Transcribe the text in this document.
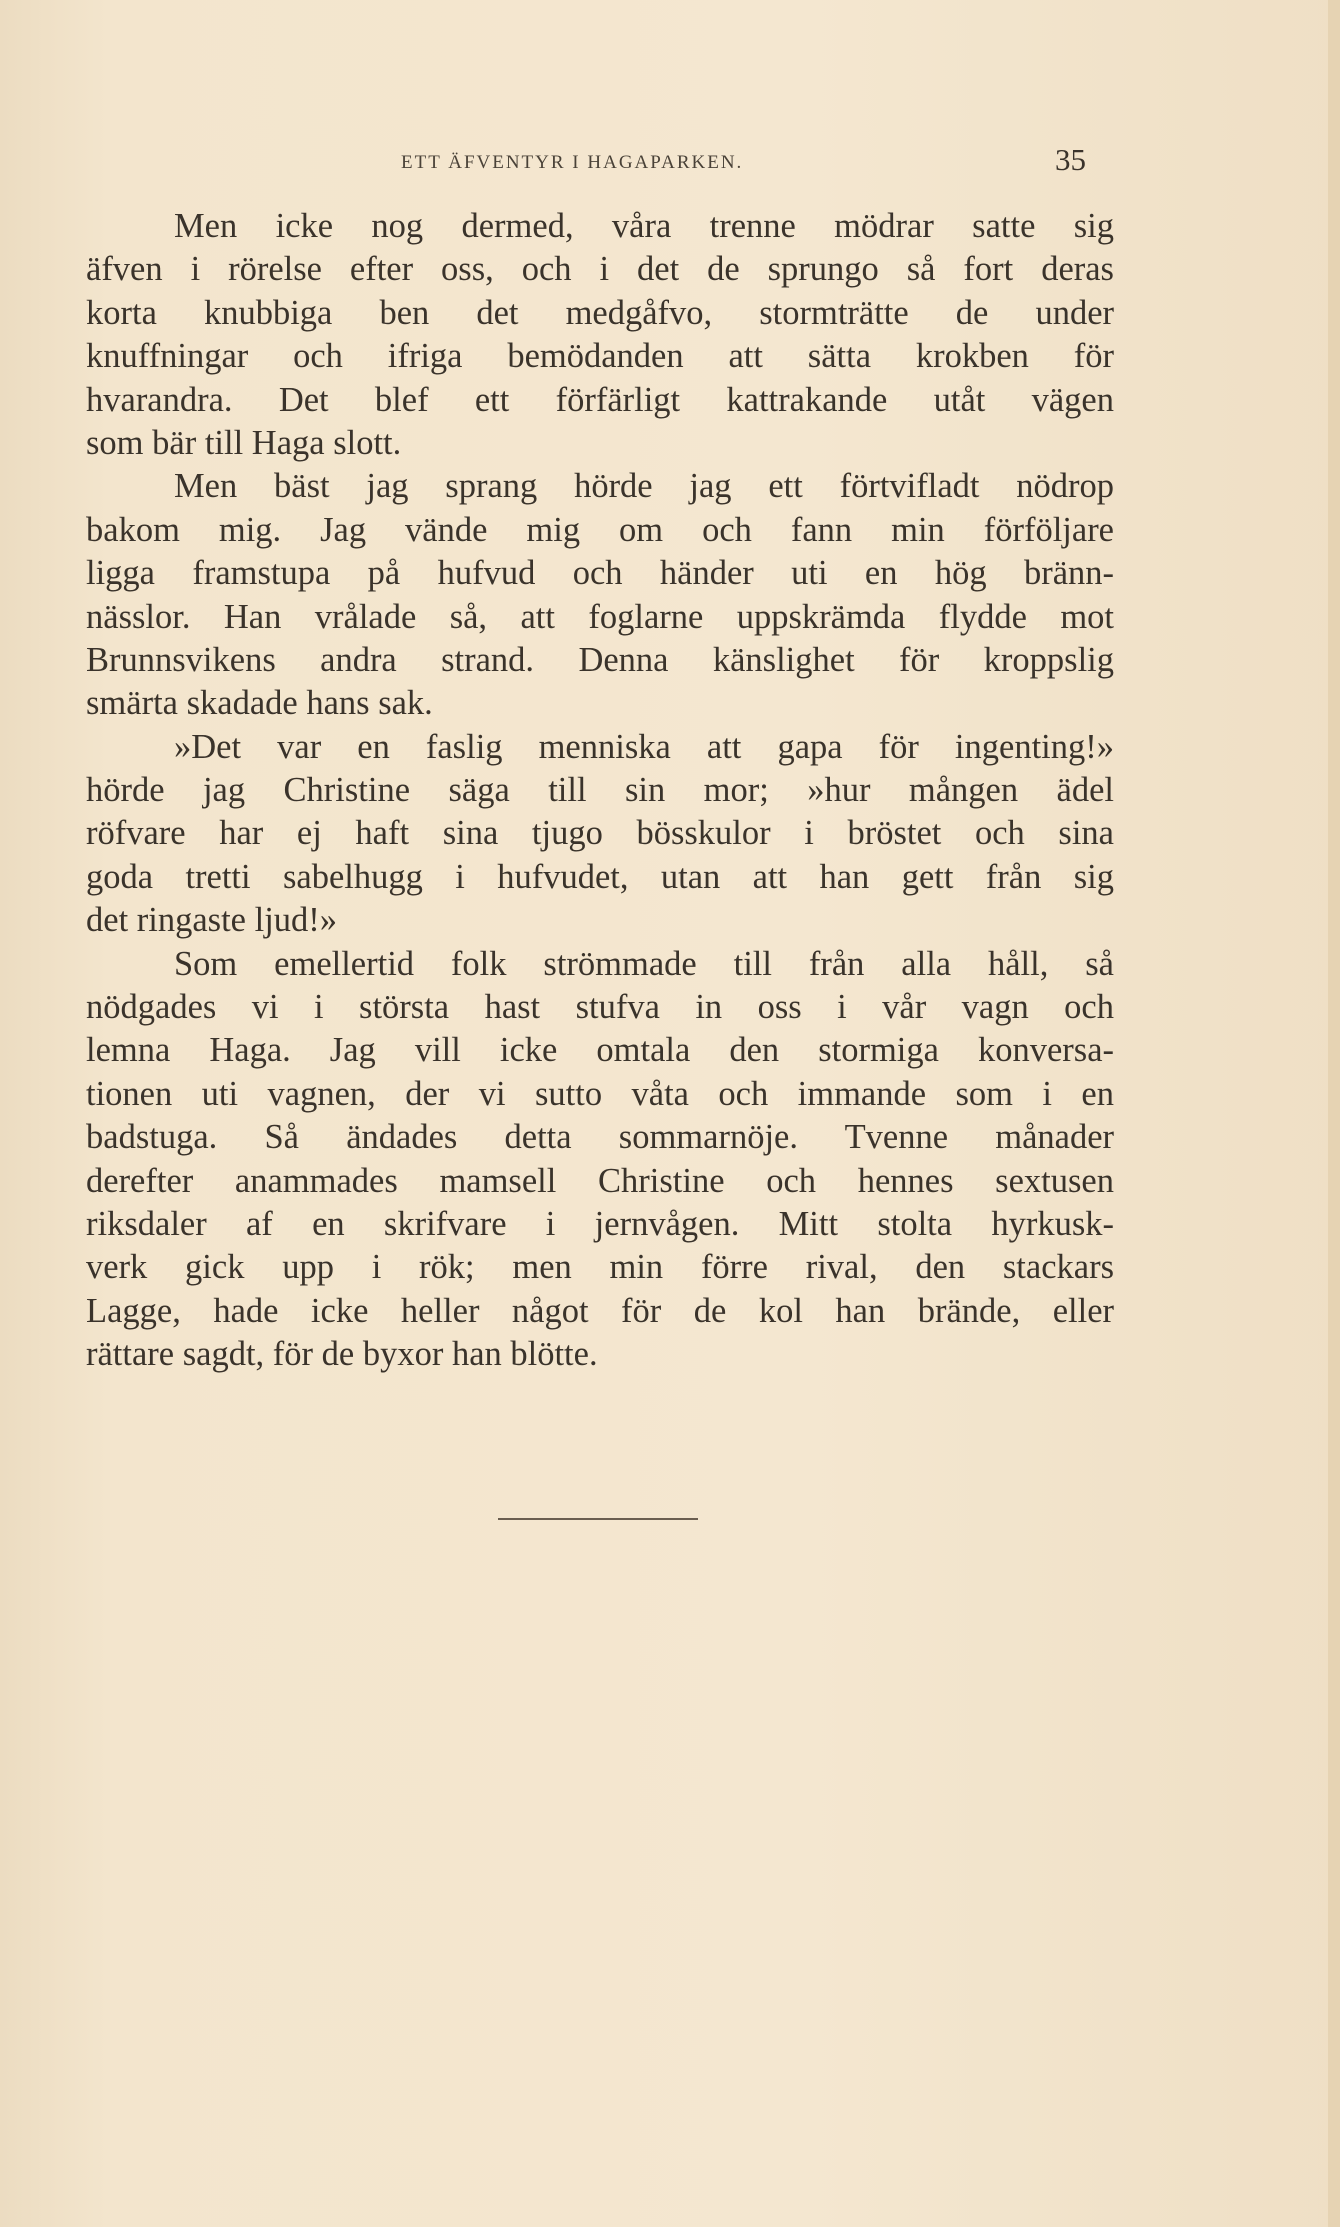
ETT ÄFVENTYR I HAGAPARKEN.	35
Men icke nog dermed, våra trenne mödrar satte sig
äfven i rörelse efter oss, och i det de sprungo så fort deras
korta knubbiga ben det medgåfvo, stormträtte de under
knuffningar och ifriga bemödanden att sätta krokben för
hvarandra. Det blef ett förfärligt kattrakande utåt vägen
som bär till Haga slott.
Men bäst jag sprang hörde jag ett förtvifladt nödrop
bakom mig. Jag vände mig om och fann min förföljare
ligga framstupa på hufvud och händer uti en hög bränn-
nässlor. Han vrålade så, att foglarne uppskrämda flydde mot
Brunnsvikens andra strand. Denna känslighet för kroppslig
smärta skadade hans sak.
»Det var en faslig menniska att gapa för ingenting!»
hörde jag Christine säga till sin mor; »hur mången ädel
röfvare har ej haft sina tjugo bösskulor i bröstet och sina
goda tretti sabelhugg i hufvudet, utan att han gett från sig
det ringaste ljud!»
Som emellertid folk strömmade till från alla håll, så
nödgades vi i största hast stufva in oss i vår vagn och
lemna Haga. Jag vill icke omtala den stormiga konversa-
tionen uti vagnen, der vi sutto våta och immande som i en
badstuga. Så ändades detta sommarnöje. Tvenne månader
derefter anammades mamsell Christine och hennes sextusen
riksdaler af en skrifvare i jernvågen. Mitt stolta hyrkusk-
verk gick upp i rök; men min förre rival, den stackars
Lagge, hade icke heller något för de kol han brände, eller
rättare sagdt, för de byxor han blötte.
